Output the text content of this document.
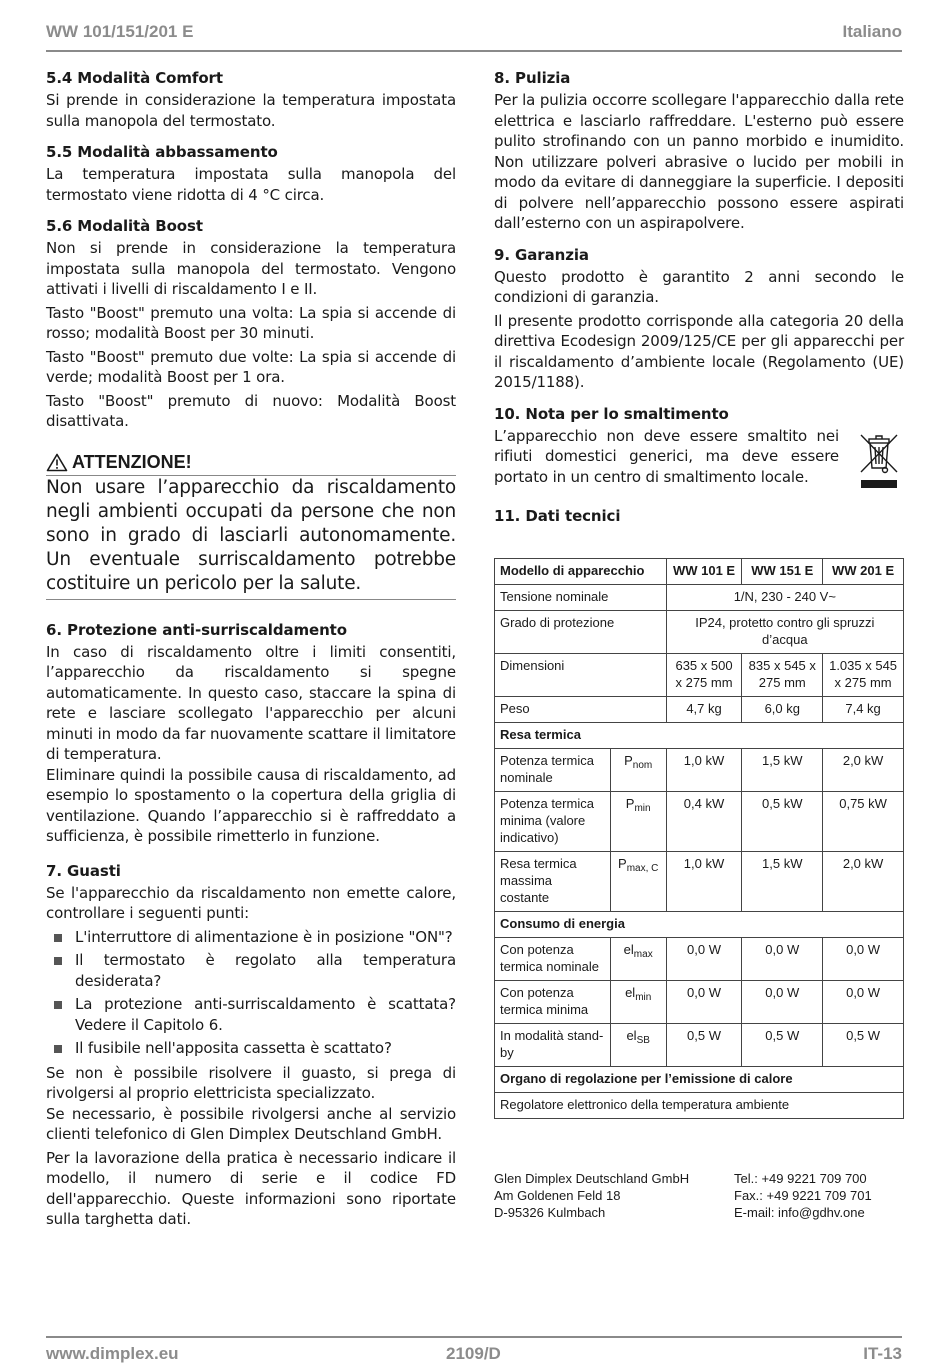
WW 101/151/201 E	Italiano
5.4 Modalità Comfort

Si prende in considerazione la temperatura impostata sulla manopola del termostato.

5.5 Modalità abbassamento

La temperatura impostata sulla manopola del termostato viene ridotta di 4 °C circa.

5.6 Modalità Boost

Non si prende in considerazione la temperatura impostata sulla manopola del termostato. Vengono attivati i livelli di riscaldamento I e II.

Tasto "Boost" premuto una volta: La spia si accende di rosso; modalità Boost per 30 minuti.

Tasto "Boost" premuto due volte: La spia si accende di verde; modalità Boost per 1 ora.

Tasto "Boost" premuto di nuovo: Modalità Boost disattivata.

ATTENZIONE!

Non usare l’apparecchio da riscaldamento negli ambienti occupati da persone che non sono in grado di lasciarli autonomamente. Un eventuale surriscaldamento potrebbe costituire un pericolo per la salute.

6. Protezione anti-surriscaldamento

In caso di riscaldamento oltre i limiti consentiti, l’apparecchio da riscaldamento si spegne automaticamente. In questo caso, staccare la spina di rete e lasciare scollegato l'apparecchio per alcuni minuti in modo da far nuovamente scattare il limitatore di temperatura.

Eliminare quindi la possibile causa di riscaldamento, ad esempio lo spostamento o la copertura della griglia di ventilazione. Quando l’apparecchio si è raffreddato a sufficienza, è possibile rimetterlo in funzione.

7. Guasti

Se l'apparecchio da riscaldamento non emette calore, controllare i seguenti punti:

L'interruttore di alimentazione è in posizione "ON"?
Il termostato è regolato alla temperatura desiderata?
La protezione anti-surriscaldamento è scattata? Vedere il Capitolo 6.
Il fusibile nell'apposita cassetta è scattato?

Se non è possibile risolvere il guasto, si prega di rivolgersi al proprio elettricista specializzato.

Se necessario, è possibile rivolgersi anche al servizio clienti telefonico di Glen Dimplex Deutschland GmbH.

Per la lavorazione della pratica è necessario indicare il modello, il numero di serie e il codice FD dell'apparecchio. Queste informazioni sono riportate sulla targhetta dati.

8. Pulizia

Per la pulizia occorre scollegare l'apparecchio dalla rete elettrica e lasciarlo raffreddare. L'esterno può essere pulito strofinando con un panno morbido e inumidito. Non utilizzare polveri abrasive o lucido per mobili in modo da evitare di danneggiare la superficie. I depositi di polvere nell’apparecchio possono essere aspirati dall’esterno con un aspirapolvere.

9. Garanzia

Questo prodotto è garantito 2 anni secondo le condizioni di garanzia.

Il presente prodotto corrisponde alla categoria 20 della direttiva Ecodesign 2009/125/CE per gli apparecchi per il riscaldamento d’ambiente locale (Regolamento (UE) 2015/1188).

10. Nota per lo smaltimento

L’apparecchio non deve essere smaltito nei rifiuti domestici generici, ma deve essere portato in un centro di smaltimento locale.

11. Dati tecnici
Modello di apparecchio		WW 101 E	WW 151 E	WW 201 E
Tensione nominale		1/N, 230 - 240 V~		
Grado di protezione		IP24, protetto contro gli spruzzi d’acqua		
Dimensioni		635 x 500 x 275 mm	835 x 545 x 275 mm	1.035 x 545 x 275 mm
Peso		4,7 kg	6,0 kg	7,4 kg
Resa termica				
Potenza termica nominale	$P_{nom}$	1,0 kW	1,5 kW	2,0 kW
Potenza termica minima (valore indicativo)	$P_{min}$	0,4 kW	0,5 kW	0,75 kW
Resa termica massima costante	$P_{max, C}$	1,0 kW	1,5 kW	2,0 kW
Consumo di energia				
Con potenza termica nominale	$el_{max}$	0,0 W	0,0 W	0,0 W
Con potenza termica minima	$el_{min}$	0,0 W	0,0 W	0,0 W
In modalità stand-by	$el_{SB}$	0,5 W	0,5 W	0,5 W
Organo di regolazione per l’emissione di calore				
Regolatore elettronico della temperatura ambiente				
Glen Dimplex Deutschland GmbH
Am Goldenen Feld 18
D-95326 Kulmbach
Tel.: +49 9221 709 700
Fax.: +49 9221 709 701
E-mail: info@gdhv.one
www.dimplex.eu	2109/D	IT-13
